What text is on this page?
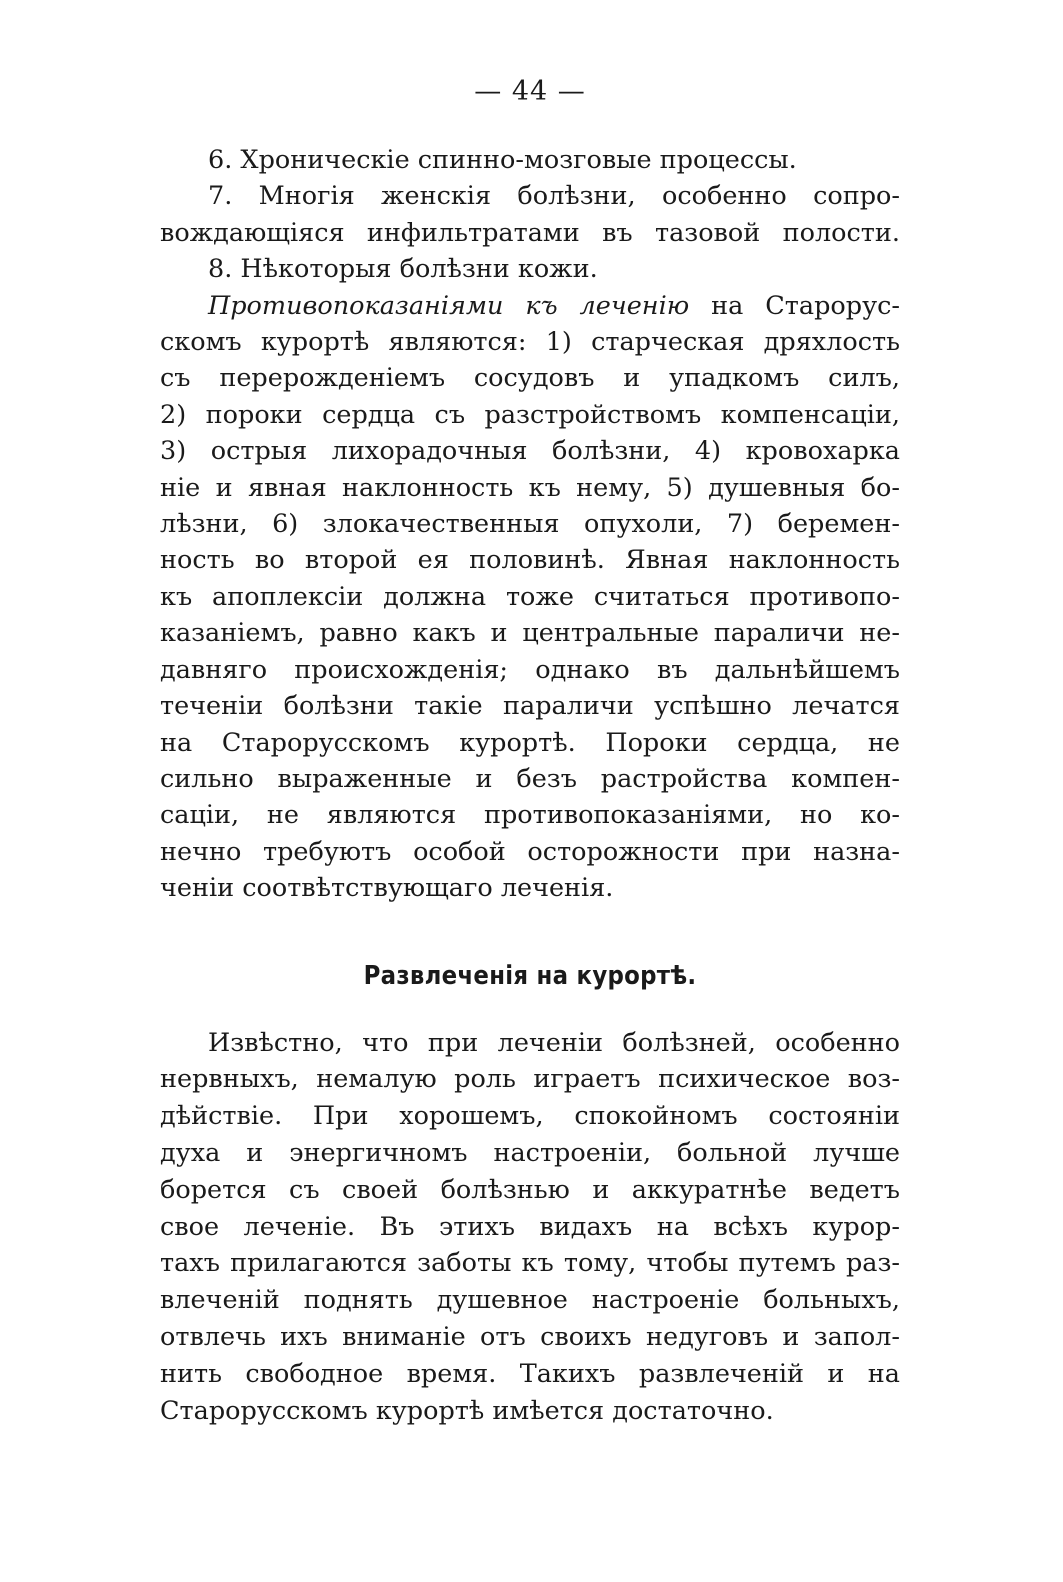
— 44 —
6. Хроническіе спинно-мозговые процессы.
7. Многія женскія болѣзни, особенно сопро-
вождающіяся инфильтратами въ тазовой полости.
8. Нѣкоторыя болѣзни кожи.
Противопоказаніями къ леченію на Старорус-
скомъ курортѣ являются: 1) старческая дряхлость
съ перерожденіемъ сосудовъ и упадкомъ силъ,
2) пороки сердца съ разстройствомъ компенсаціи,
3) острыя лихорадочныя болѣзни, 4) кровохарка
ніе и явная наклонность къ нему, 5) душевныя бо-
лѣзни, 6) злокачественныя опухоли, 7) беремен-
ность во второй ея половинѣ. Явная наклонность
къ апоплексіи должна тоже считаться противопо-
казаніемъ, равно какъ и центральные параличи не-
давняго происхожденія; однако въ дальнѣйшемъ
теченіи болѣзни такіе параличи успѣшно лечатся
на Старорусскомъ курортѣ. Пороки сердца, не
сильно выраженные и безъ растройства компен-
саціи, не являются противопоказаніями, но ко-
нечно требуютъ особой осторожности при назна-
ченіи соотвѣтствующаго леченія.
Развлеченія на курортѣ.
Извѣстно, что при леченіи болѣзней, особенно
нервныхъ, немалую роль играетъ психическое воз-
дѣйствіе. При хорошемъ, спокойномъ состояніи
духа и энергичномъ настроеніи, больной лучше
борется съ своей болѣзнью и аккуратнѣе ведетъ
свое леченіе. Въ этихъ видахъ на всѣхъ курор-
тахъ прилагаются заботы къ тому, чтобы путемъ раз-
влеченій поднять душевное настроеніе больныхъ,
отвлечь ихъ вниманіе отъ своихъ недуговъ и запол-
нить свободное время. Такихъ развлеченій и на
Старорусскомъ курортѣ имѣется достаточно.
